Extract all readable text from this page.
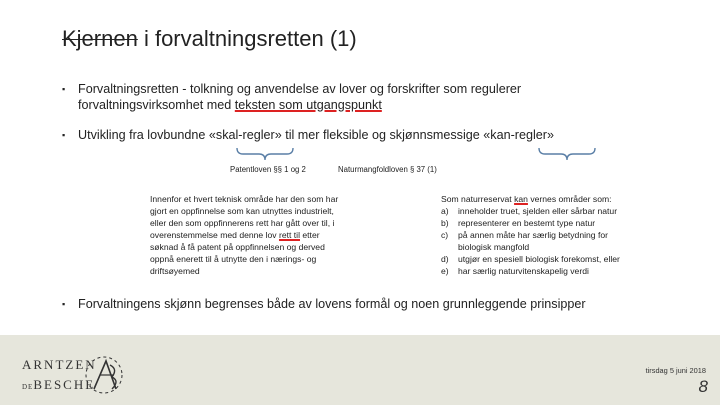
Kjernen i forvaltningsretten (1)
▪ Forvaltningsretten - tolkning og anvendelse av lover og forskrifter som regulerer
forvaltningsvirksomhet med teksten som utgangspunkt
▪ Utvikling fra lovbundne «skal-regler» til mer fleksible og skjønnsmessige «kan-regler»
Patentloven §§ 1 og 2	Naturmangfoldloven § 37 (1)
Innenfor et hvert teknisk område har den som har
gjort en oppfinnelse som kan utnyttes industrielt,
eller den som oppfinnerens rett har gått over til, i
overenstemmelse med denne lov rett til etter
søknad å få patent på oppfinnelsen og derved
oppnå enerett til å utnytte den i nærings- og
driftsøyemed
Som naturreservat kan vernes områder som:
a) inneholder truet, sjelden eller sårbar natur
b) representerer en bestemt type natur
c) på annen måte har særlig betydning for
biologisk mangfold
d) utgjør en spesiell biologisk forekomst, eller
e) har særlig naturvitenskapelig verdi
▪ Forvaltningens skjønn begrenses både av lovens formål og noen grunnleggende prinsipper
ARNTZEN
DEBESCHE
tirsdag 5 juni 2018
8
